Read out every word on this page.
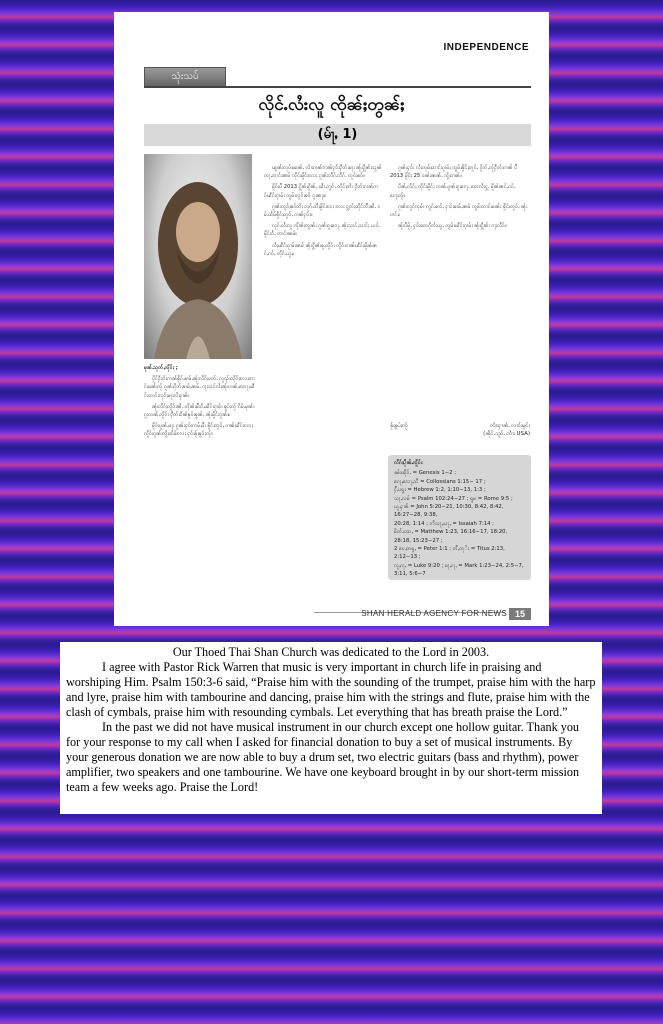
INDEPENDENCE
သုံးသပ်
လိုင်ႉလႆးလူ ၸိုၼ်ႈတွၼ်ႈ
(မ်ႃႇ 1)

မုၼ်ႉသုတ်ႇၸိုဝ်ႈ ;

ပိူင်ႁဵတ်းဢၼ်ၶိုၵ်ႉၶၢမ်ႇၼႂ်းလိၵ်ႈၵတ်ႉ လူၺ်ႈၸိုဝ်ႈလႄႈတၢင်းမၼ်ႈၸႂ် ၵူၼ်းၵိုတ်ႇၶၢမ်ႇၼမ်ႉ ၵႃႈသင်လႆႈၼႂ်းပၢၼ်ႇတေႃႇၽဵင်းတၢင်းလုၵ်ႈမႃးလႆႈႁၼ်။

ၼႂ်းလိၵ်ႈၸိူဝ်းၼႆႉ တိုၼ်းမီးဝႆႉၽဵင်းၵႂၢမ်း ၶွပ်ႈၸႂ် ၵႅမ်ႇမုၼ်း ၵူႈၸၼ်ႉၸိူဝ်း ႁဵတ်းပဵၼ်ၶူဝ်းၶွၼ်ႇ ၼႂ်းမိူင်းၵူၼ်း။

မိူဝ်ႈပူၼ်ႉမႃး ၵူၼ်းႁဝ်းဢမ်ႇမီး ၶိူင်ႈတူဝ်ႇ ၵၢၼ်ၽဵင်းလႄႈ ၸိူဝ်းၵူၼ်းၸွႆႈထႅမ်လႄႈ ႁဝ်းၶႂ်ႈၶွပ်ႈၸႂ်။

ၽွၼ်းလုပ်ႈၽၼ်ႇ လၢႆးၵၢၼ်ဢၼ်ႁဝ်းႁဵတ်းမႃး ၼႂ်းႁိူၼ်းသွၼ်တႃႇတၢင်းၼမ် ၸိုင်ႈမိူင်းလႄႈ ၵူၼ်းလဵၵ်ႉလဵၵ်ႉ ၸူဝ်ႈၶဝ်။

မိူဝ်ႈပီ 2013 ႁိူၼ်းၵိူၼ်ႇ ၽၢႆႇဢွၵ်ႇ ၸိုင်ႈတႆး ႁဵတ်းၵၢၼ်ဢဝ်ၽဵင်းၵႂၢမ်း ၸွမ်းလူၵ်ႈၶဝ် ၵူႈၼႃႈ။

ၵူၼ်းၸူဝ်ႈၶဝ်တႆး လုၵ်ႉတီႈမိူင်းၵႄႈ လႄႈ ႁွတ်ႈထိုင်တီႈၼႆႉ ၵမ်ႉထႅမ်ၶိူင်ႈတူဝ်ႇ ၵၢၼ်ႁဝ်း။

လုၵ်ႉလႆးလူ ၸိုၼ်ႈတွၼ်ႈ ၵူၼ်းၵူႈၵေႃႉ ၼႂ်းသၢင်ႇသၢင်ႈ ယဝ်ႉမိူင်းဝႆႉ တၢင်းၼမ်။

လႆႈၽဵင်းၵႂၢမ်းၼမ် ၼႂ်းႁိူၼ်းၶူႇၸိူဝ်း ၸိူဝ်းၵၢၼ်ၽဵင်းမိူၼ်ၼင်ႇၵဝ်ႇ တိုၵ်ႉယူႇ။

ၵူၼ်းႁဝ်း လႆႈၸုမ်ႈတၢင်းၵႂၢမ်း ၸွမ်းၶိူင်ႈတူဝ်ႇ ၵိူတ်ႇၸႂ်ႁဵတ်းၵၢၼ် ပီ 2013 မိူဝ်ႈ 25 ဝၼ်းၼၼ်ႉ ၸွႆႈၵၢၼ်။

ပိၼ်ႇလႅၵ်ႈ ၸိုင်ႈမိူင်း ၸၼ်ႉၵူၼ်းၵူႈၵေႃႉ တေလႆႈႁူႉ မိူၼ်ၼင်ႇၵဝ်ႇ ၵေႃႈၸႂ်။

ၵူၼ်းလူင်ၸုမ်း ဢွၵ်ႇၶၢဝ်ႇ ႁၢင်ႈၶၢမ်ႇၼမ် ၸွမ်းတၢင်းမၼ်ႈ ၶိူင်ႈတူဝ်ႇ ၼႂ်းပၢင်ႇ။

ၼႂ်းပီမႂ်ႇ ႁဝ်းတေၵိုတ်းယူႇ ၸွမ်းၽဵင်းၵႂၢမ်း ၼႂ်းႁိူၼ်း ၵႃႈလဵဝ်။

ၶႂ်ႈၶွပ်ႈၸႂ်	ၸၢႆးႁၢၼ်ႉ လၢဝ်းမူင်း
(ၼိုင်ႉသူဝ်ႉ ၸၢႆး USA)
လိၵ်ႈပိုၼ်ႉၸိူဝ်း
ၶမ်းၽိုၵ်ႉ = Genesis 1−2 ;
ၵေႃႇလေႃႇသဵ = Collossians 1:15− 17 ;
ႁီႇပရူး = Hebrew 1:2, 1:10−13, 1:3 ;
သႃႇလမ် = Psalm 102:24−27 ; ရူမ = Rome 9:5 ;
ယူႇႁၼ် = John 5:20−21, 10:30, 8:42, 8:42, 16:27−28, 9:38,
20:28, 1:14 ; ဢိသႃႇယႃႇ = Issaiah 7:14 ;
မႅတ်ႉထႄႇ = Matthew 1:23, 16:16−17, 18:20, 28:18, 15:23−27 ;
2 ပေႇတရူႇ = Peter 1:1 ; တီႇတုႆး = Titus 2:13, 2:12−13 ;
လူႇၵႃႇ = Luke 9:20 ; မႃႇၵႃႇ = Mark 1:23−24, 2:5−7, 3:11, 5:6−7
SHAN HERALD AGENCY FOR NEWS 15
Our Thoed Thai Shan Church was dedicated to the Lord in 2003.

I agree with Pastor Rick Warren that music is very important in church life in praising and worshiping Him. Psalm 150:3-6 said, “Praise him with the sounding of the trumpet, praise him with the harp and lyre, praise him with tambourine and dancing, praise him with the strings and flute, praise him with the clash of cymbals, praise him with resounding cymbals. Let everything that has breath praise the Lord.”

In the past we did not have musical instrument in our church except one hollow guitar. Thank you for your response to my call when I asked for financial donation to buy a set of musical instruments. By your generous donation we are now able to buy a drum set, two electric guitars (bass and rhythm), power amplifier, two speakers and one tambourine. We have one keyboard brought in by our short-term mission team a few weeks ago. Praise the Lord!
